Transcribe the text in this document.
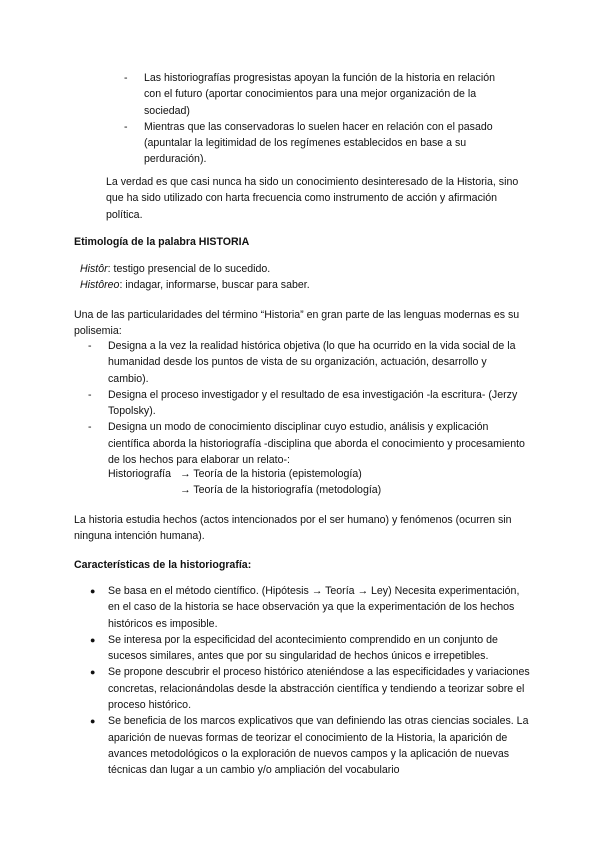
- Las historiografías progresistas apoyan la función de la historia en relación con el futuro (aportar conocimientos para una mejor organización de la sociedad)
- Mientras que las conservadoras lo suelen hacer en relación con el pasado (apuntalar la legitimidad de los regímenes establecidos en base a su perduración).

La verdad es que casi nunca ha sido un conocimiento desinteresado de la Historia, sino que ha sido utilizado con harta frecuencia como instrumento de acción y afirmación política.

Etimología de la palabra HISTORIA

Histôr: testigo presencial de lo sucedido.

Histôreo: indagar, informarse, buscar para saber.

Una de las particularidades del término “Historia” en gran parte de las lenguas modernas es su polisemia:

- Designa a la vez la realidad histórica objetiva (lo que ha ocurrido en la vida social de la humanidad desde los puntos de vista de su organización, actuación, desarrollo y cambio).
- Designa el proceso investigador y el resultado de esa investigación -la escritura- (Jerzy Topolsky).
- Designa un modo de conocimiento disciplinar cuyo estudio, análisis y explicación científica aborda la historiografía -disciplina que aborda el conocimiento y procesamiento de los hechos para elaborar un relato-:
Historiografía → Teoría de la historia (epistemología)
→ Teoría de la historiografía (metodología)

La historia estudia hechos (actos intencionados por el ser humano) y fenómenos (ocurren sin ninguna intención humana).

Características de la historiografía:

● Se basa en el método científico. (Hipótesis → Teoría → Ley) Necesita experimentación, en el caso de la historia se hace observación ya que la experimentación de los hechos históricos es imposible.
● Se interesa por la especificidad del acontecimiento comprendido en un conjunto de sucesos similares, antes que por su singularidad de hechos únicos e irrepetibles.
● Se propone descubrir el proceso histórico ateniéndose a las especificidades y variaciones concretas, relacionándolas desde la abstracción científica y tendiendo a teorizar sobre el proceso histórico.
● Se beneficia de los marcos explicativos que van definiendo las otras ciencias sociales. La aparición de nuevas formas de teorizar el conocimiento de la Historia, la aparición de avances metodológicos o la exploración de nuevos campos y la aplicación de nuevas técnicas dan lugar a un cambio y/o ampliación del vocabulario
